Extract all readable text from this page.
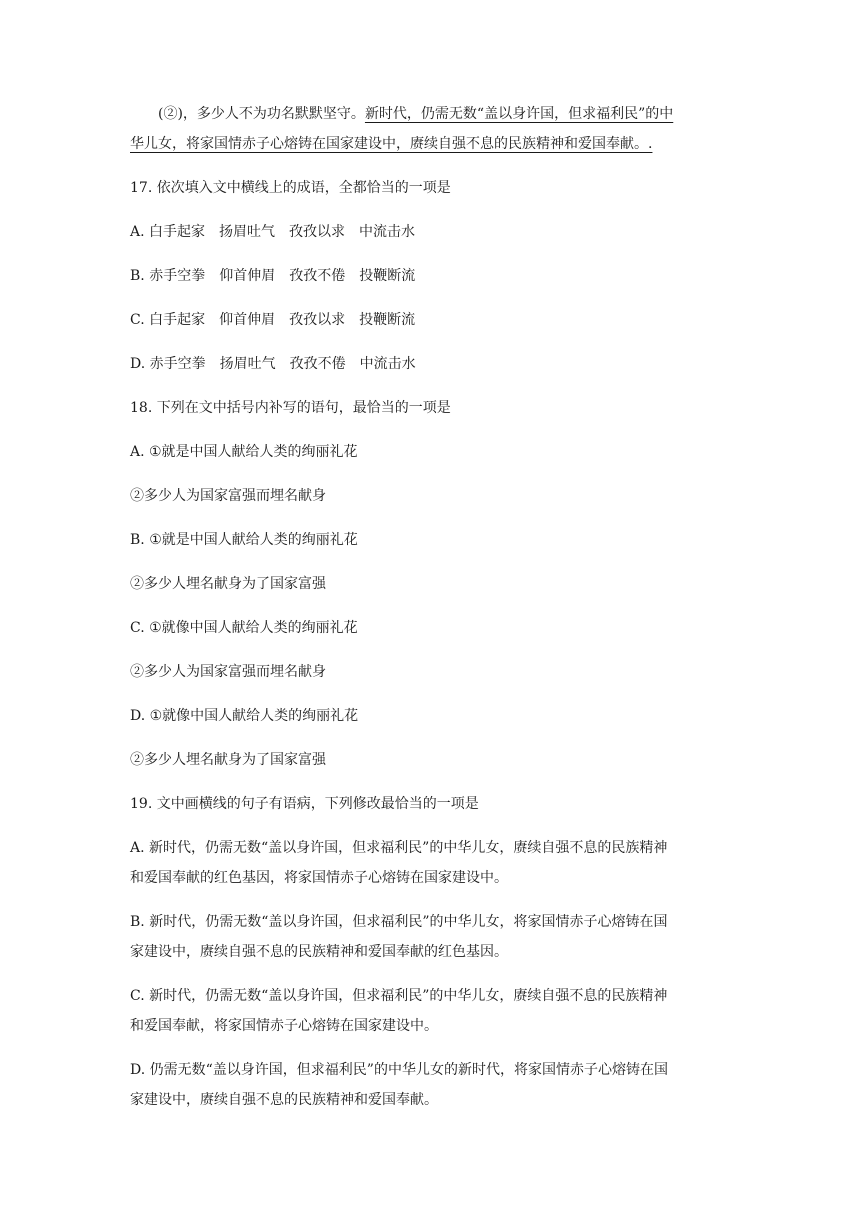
(②)，多少人不为功名默默坚守。新时代，仍需无数“盖以身许国，但求福利民”的中
华儿女，将家国情赤子心熔铸在国家建设中，赓续自强不息的民族精神和爱国奉献。.
17. 依次填入文中横线上的成语，全都恰当的一项是
A. 白手起家 扬眉吐气 孜孜以求 中流击水
B. 赤手空拳 仰首伸眉 孜孜不倦 投鞭断流
C. 白手起家 仰首伸眉 孜孜以求 投鞭断流
D. 赤手空拳 扬眉吐气 孜孜不倦 中流击水
18. 下列在文中括号内补写的语句，最恰当的一项是
A. ①就是中国人献给人类的绚丽礼花
②多少人为国家富强而埋名献身
B. ①就是中国人献给人类的绚丽礼花
②多少人埋名献身为了国家富强
C. ①就像中国人献给人类的绚丽礼花
②多少人为国家富强而埋名献身
D. ①就像中国人献给人类的绚丽礼花
②多少人埋名献身为了国家富强
19. 文中画横线的句子有语病，下列修改最恰当的一项是
A. 新时代，仍需无数“盖以身许国，但求福利民”的中华儿女，赓续自强不息的民族精神
和爱国奉献的红色基因，将家国情赤子心熔铸在国家建设中。
B. 新时代，仍需无数“盖以身许国，但求福利民”的中华儿女，将家国情赤子心熔铸在国
家建设中，赓续自强不息的民族精神和爱国奉献的红色基因。
C. 新时代，仍需无数“盖以身许国，但求福利民”的中华儿女，赓续自强不息的民族精神
和爱国奉献，将家国情赤子心熔铸在国家建设中。
D. 仍需无数“盖以身许国，但求福利民”的中华儿女的新时代，将家国情赤子心熔铸在国
家建设中，赓续自强不息的民族精神和爱国奉献。
